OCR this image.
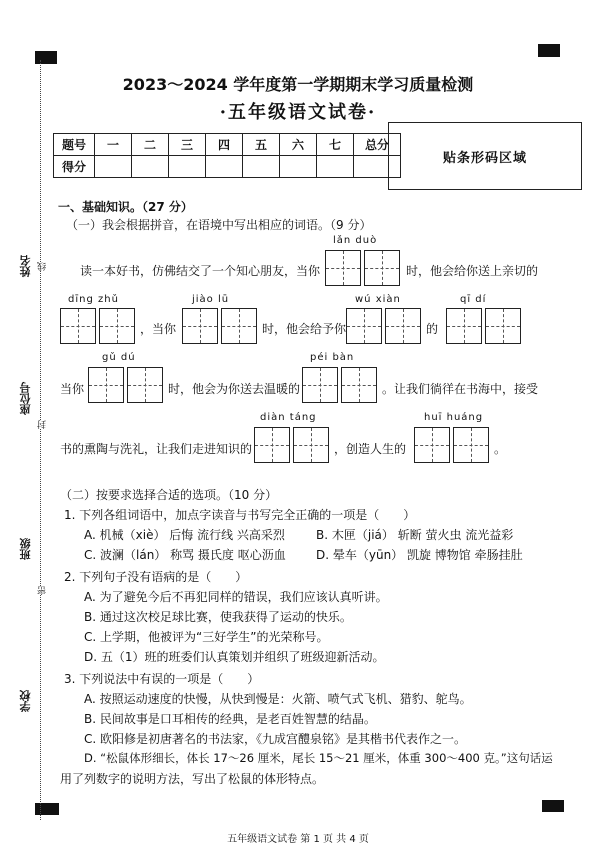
2023～2024 学年度第一学期期末学习质量检测
·五年级语文试卷·
题号	一	二	三	四	五	六	七	总分
得分								
贴条形码区域
姓名 线
座位号
封
班级
密
学校
一、基础知识。（27 分）
（一）我会根据拼音，在语境中写出相应的词语。（9 分）
lǎn duò
读一本好书，仿佛结交了一个知心朋友，当你	时，他会给你送上亲切的
dīng zhǔ	jiào lū	wú xiàn	qī dí
，当你	时，他会给予你	的
gǔ dú	péi bàn
当你	时，他会为你送去温暖的	。让我们徜徉在书海中，接受
diàn táng	huī huáng
书的熏陶与洗礼，让我们走进知识的	，创造人生的	。
（二）按要求选择合适的选项。（10 分）
1. 下列各组词语中，加点字读音与书写完全正确的一项是（　　）
A. 机械（xiè） 后悔 流行线 兴高采烈	B. 木匣（jiá） 斩断 萤火虫 流光益彩
C. 波澜（lán） 称骂 摄氏度 呕心沥血	D. 晕车（yūn） 凯旋 博物馆 牵肠挂肚
2. 下列句子没有语病的是（　　）
A. 为了避免今后不再犯同样的错误，我们应该认真听讲。
B. 通过这次校足球比赛，使我获得了运动的快乐。
C. 上学期，他被评为“三好学生”的光荣称号。
D. 五（1）班的班委们认真策划并组织了班级迎新活动。
3. 下列说法中有误的一项是（　　）
A. 按照运动速度的快慢，从快到慢是：火箭、喷气式飞机、猎豹、鸵鸟。
B. 民间故事是口耳相传的经典，是老百姓智慧的结晶。
C. 欧阳修是初唐著名的书法家，《九成宫醴泉铭》是其楷书代表作之一。
D. “松鼠体形细长，体长 17～26 厘米，尾长 15～21 厘米，体重 300～400 克。”这句话运
用了列数字的说明方法，写出了松鼠的体形特点。
五年级语文试卷 第 1 页 共 4 页
